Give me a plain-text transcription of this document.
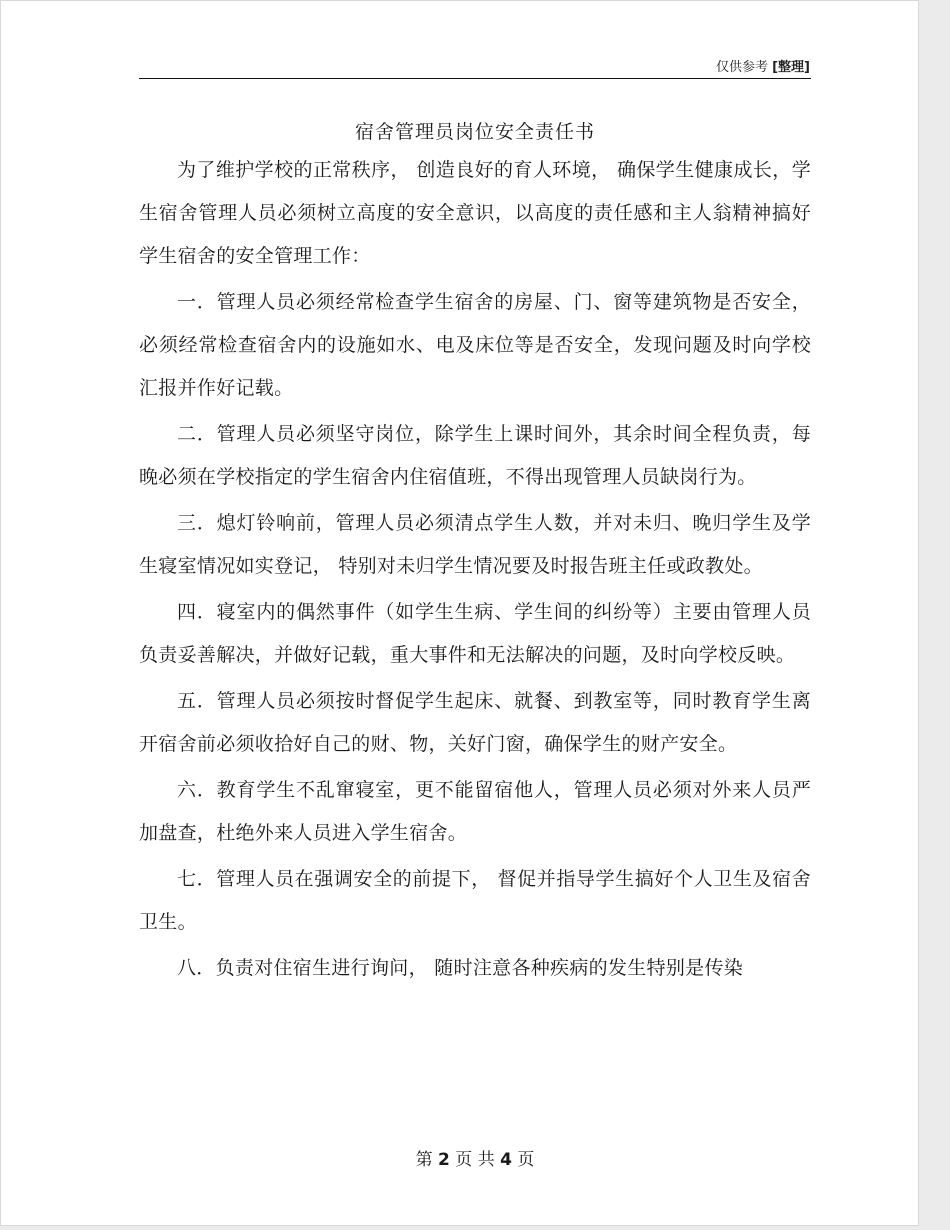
仅供参考 [整理]
宿舍管理员岗位安全责任书

为了维护学校的正常秩序， 创造良好的育人环境， 确保学生健康成长，学生宿舍管理人员必须树立高度的安全意识，以高度的责任感和主人翁精神搞好学生宿舍的安全管理工作：

一．管理人员必须经常检查学生宿舍的房屋、门、窗等建筑物是否安全，必须经常检查宿舍内的设施如水、电及床位等是否安全，发现问题及时向学校汇报并作好记载。

二．管理人员必须坚守岗位，除学生上课时间外，其余时间全程负责，每晚必须在学校指定的学生宿舍内住宿值班，不得出现管理人员缺岗行为。

三．熄灯铃响前，管理人员必须清点学生人数，并对未归、晚归学生及学生寝室情况如实登记， 特别对未归学生情况要及时报告班主任或政教处。

四．寝室内的偶然事件（如学生生病、学生间的纠纷等）主要由管理人员负责妥善解决，并做好记载，重大事件和无法解决的问题，及时向学校反映。

五．管理人员必须按时督促学生起床、就餐、到教室等，同时教育学生离开宿舍前必须收拾好自己的财、物，关好门窗，确保学生的财产安全。

六．教育学生不乱窜寝室，更不能留宿他人，管理人员必须对外来人员严加盘查，杜绝外来人员进入学生宿舍。

七．管理人员在强调安全的前提下， 督促并指导学生搞好个人卫生及宿舍卫生。

八．负责对住宿生进行询问， 随时注意各种疾病的发生特别是传染

第 2 页 共 4 页
